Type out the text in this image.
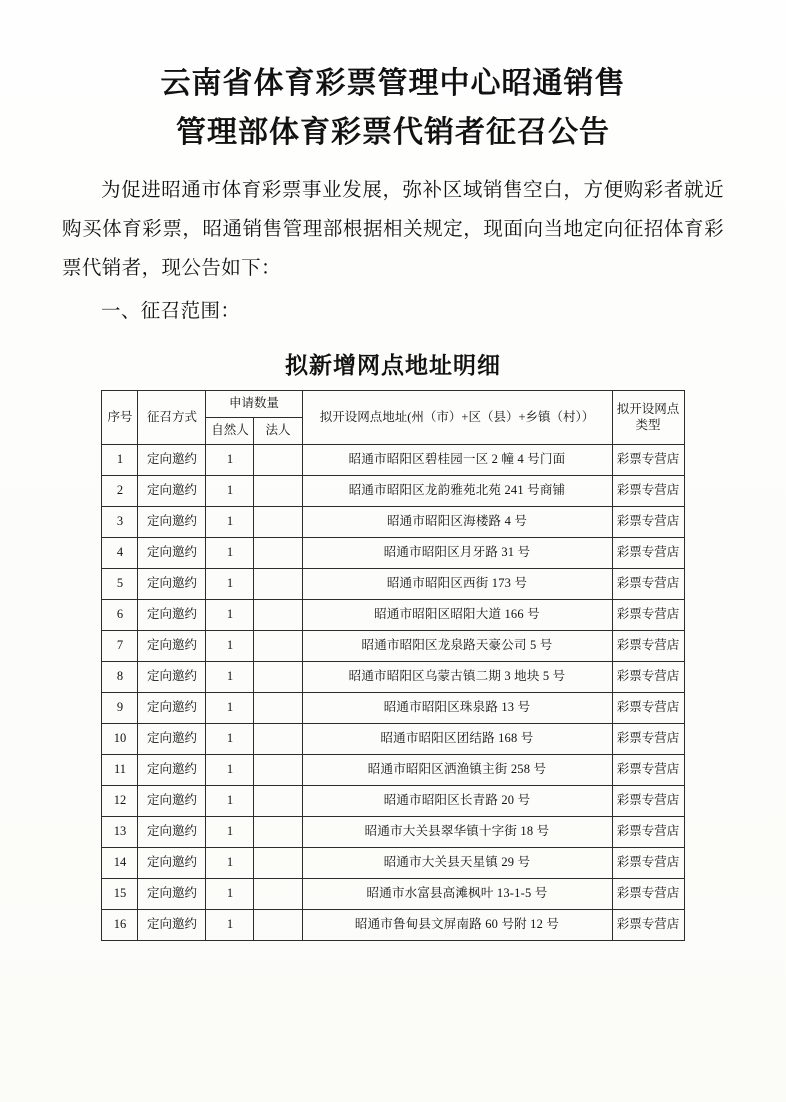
云南省体育彩票管理中心昭通销售
管理部体育彩票代销者征召公告

为促进昭通市体育彩票事业发展，弥补区域销售空白，方便购彩者就近购买体育彩票，昭通销售管理部根据相关规定，现面向当地定向征招体育彩票代销者，现公告如下：

一、征召范围：

拟新增网点地址明细
序号	征召方式	申请数量		拟开设网点地址(州（市）+区（县）+乡镇（村））	拟开设网点类型
		自然人	法人		
1	定向邀约	1		昭通市昭阳区碧桂园一区 2 幢 4 号门面	彩票专营店
2	定向邀约	1		昭通市昭阳区龙韵雅苑北苑 241 号商铺	彩票专营店
3	定向邀约	1		昭通市昭阳区海楼路 4 号	彩票专营店
4	定向邀约	1		昭通市昭阳区月牙路 31 号	彩票专营店
5	定向邀约	1		昭通市昭阳区西街 173 号	彩票专营店
6	定向邀约	1		昭通市昭阳区昭阳大道 166 号	彩票专营店
7	定向邀约	1		昭通市昭阳区龙泉路天豪公司 5 号	彩票专营店
8	定向邀约	1		昭通市昭阳区乌蒙古镇二期 3 地块 5 号	彩票专营店
9	定向邀约	1		昭通市昭阳区珠泉路 13 号	彩票专营店
10	定向邀约	1		昭通市昭阳区团结路 168 号	彩票专营店
11	定向邀约	1		昭通市昭阳区洒渔镇主街 258 号	彩票专营店
12	定向邀约	1		昭通市昭阳区长青路 20 号	彩票专营店
13	定向邀约	1		昭通市大关县翠华镇十字街 18 号	彩票专营店
14	定向邀约	1		昭通市大关县天星镇 29 号	彩票专营店
15	定向邀约	1		昭通市水富县高滩枫叶 13-1-5 号	彩票专营店
16	定向邀约	1		昭通市鲁甸县文屏南路 60 号附 12 号	彩票专营店
